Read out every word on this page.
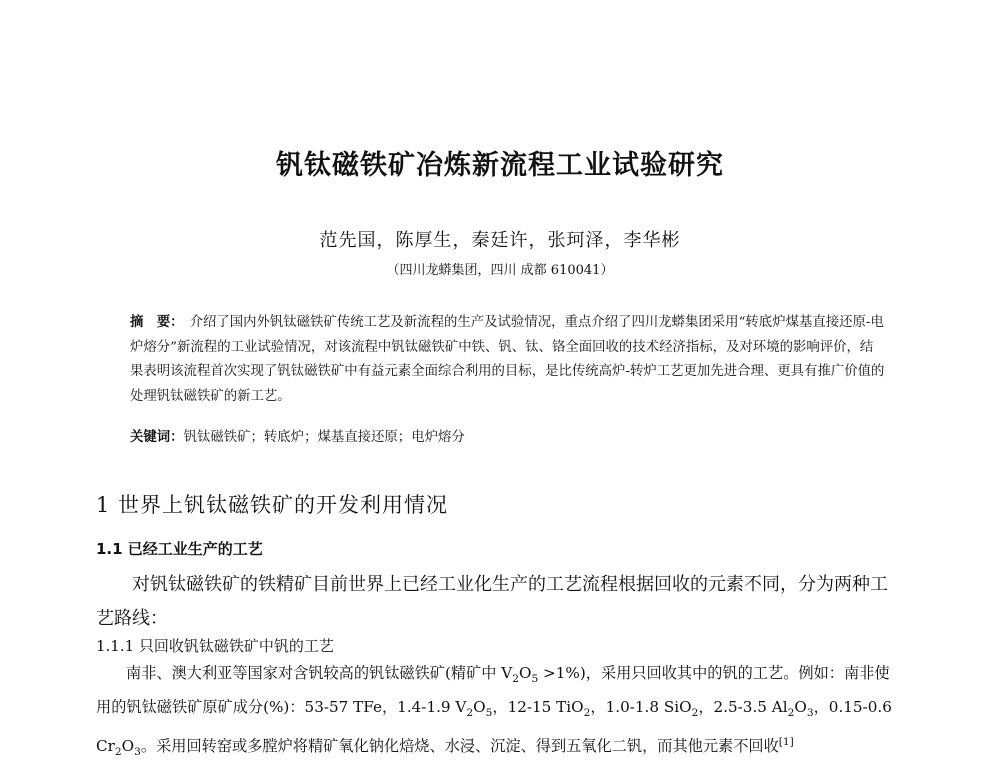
钒钛磁铁矿冶炼新流程工业试验研究
范先国，陈厚生，秦廷许，张珂泽，李华彬
（四川龙蟒集团，四川 成都 610041）
摘　要： 介绍了国内外钒钛磁铁矿传统工艺及新流程的生产及试验情况，重点介绍了四川龙蟒集团采用“转底炉煤基直接还原-电炉熔分”新流程的工业试验情况，对该流程中钒钛磁铁矿中铁、钒、钛、铬全面回收的技术经济指标，及对环境的影响评价，结果表明该流程首次实现了钒钛磁铁矿中有益元素全面综合利用的目标，是比传统高炉-转炉工艺更加先进合理、更具有推广价值的处理钒钛磁铁矿的新工艺。
关键词：钒钛磁铁矿；转底炉；煤基直接还原；电炉熔分
1 世界上钒钛磁铁矿的开发利用情况
1.1 已经工业生产的工艺

对钒钛磁铁矿的铁精矿目前世界上已经工业化生产的工艺流程根据回收的元素不同，分为两种工艺路线：

1.1.1 只回收钒钛磁铁矿中钒的工艺

南非、澳大利亚等国家对含钒较高的钒钛磁铁矿(精矿中 $V_2O_5 >1\%$)，采用只回收其中的钒的工艺。例如：南非使用的钒钛磁铁矿原矿成分(%)：53-57 TFe，1.4-1.9 $V_2O_5$，12-15 TiO$_2$，1.0-1.8 SiO$_2$，2.5-3.5 $Al_2O_3$，0.15-0.6 $Cr_2O_3$。采用回转窑或多膛炉将精矿氧化钠化焙烧、水浸、沉淀、得到五氧化二钒，而其他元素不回收[1]
